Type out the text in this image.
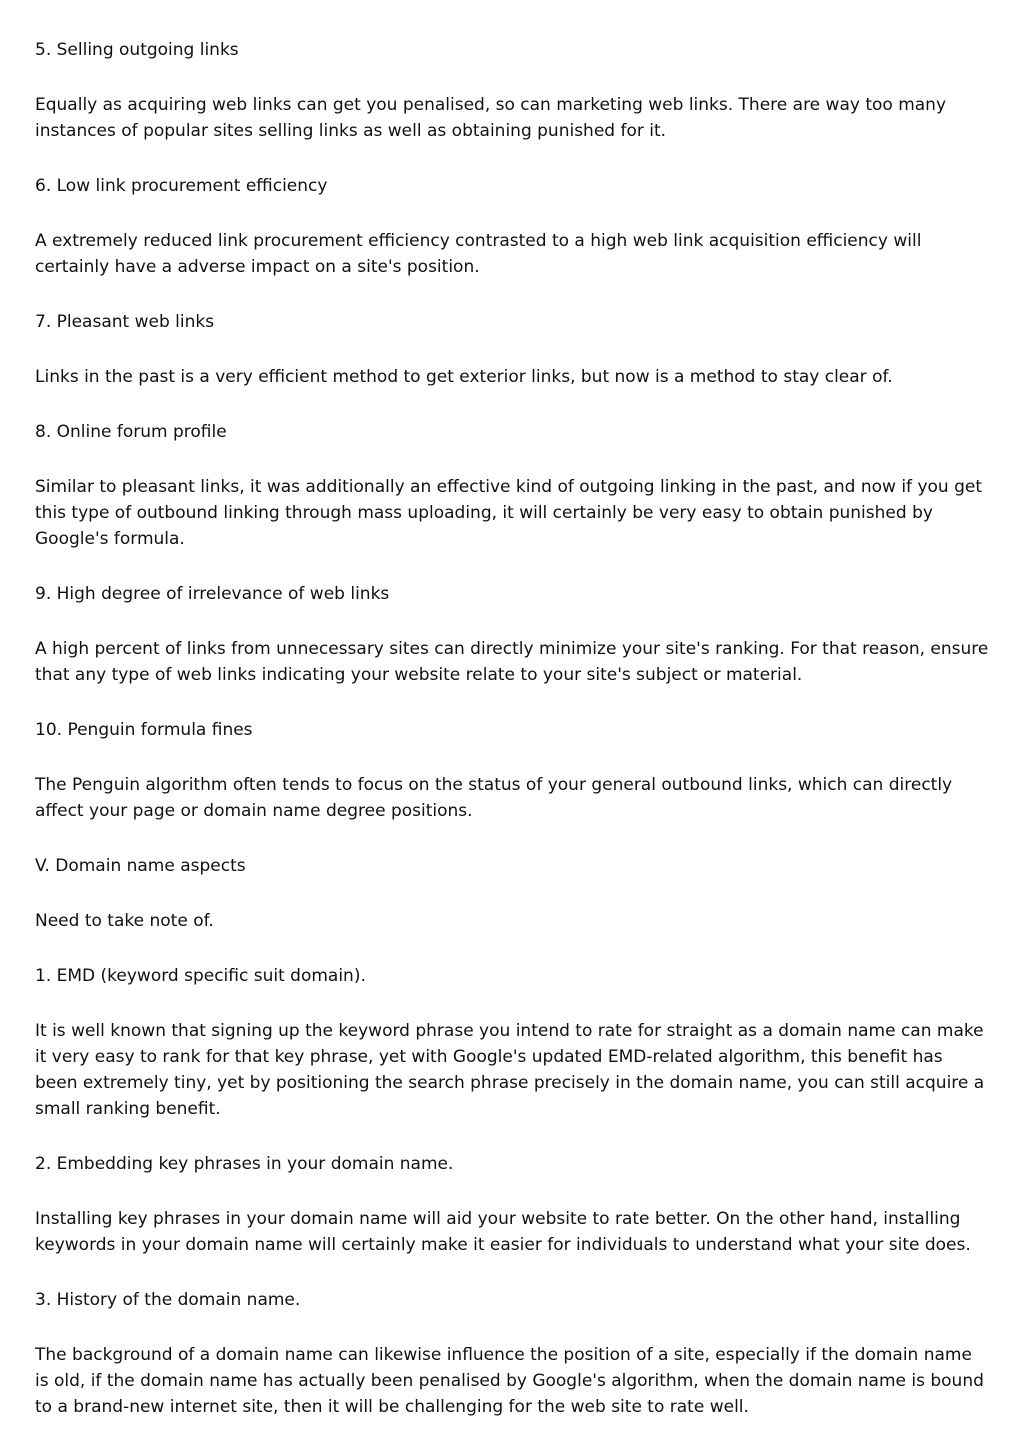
5. Selling outgoing links

Equally as acquiring web links can get you penalised, so can marketing web links. There are way too many instances of popular sites selling links as well as obtaining punished for it.

6. Low link procurement efficiency

A extremely reduced link procurement efficiency contrasted to a high web link acquisition efficiency will certainly have a adverse impact on a site's position.

7. Pleasant web links

Links in the past is a very efficient method to get exterior links, but now is a method to stay clear of.

8. Online forum profile

Similar to pleasant links, it was additionally an effective kind of outgoing linking in the past, and now if you get this type of outbound linking through mass uploading, it will certainly be very easy to obtain punished by Google's formula.

9. High degree of irrelevance of web links

A high percent of links from unnecessary sites can directly minimize your site's ranking. For that reason, ensure that any type of web links indicating your website relate to your site's subject or material.

10. Penguin formula fines

The Penguin algorithm often tends to focus on the status of your general outbound links, which can directly affect your page or domain name degree positions.

V. Domain name aspects

Need to take note of.

1. EMD (keyword specific suit domain).

It is well known that signing up the keyword phrase you intend to rate for straight as a domain name can make it very easy to rank for that key phrase, yet with Google's updated EMD-related algorithm, this benefit has been extremely tiny, yet by positioning the search phrase precisely in the domain name, you can still acquire a small ranking benefit.

2. Embedding key phrases in your domain name.

Installing key phrases in your domain name will aid your website to rate better. On the other hand, installing keywords in your domain name will certainly make it easier for individuals to understand what your site does.

3. History of the domain name.

The background of a domain name can likewise influence the position of a site, especially if the domain name is old, if the domain name has actually been penalised by Google's algorithm, when the domain name is bound to a brand-new internet site, then it will be challenging for the web site to rate well.
